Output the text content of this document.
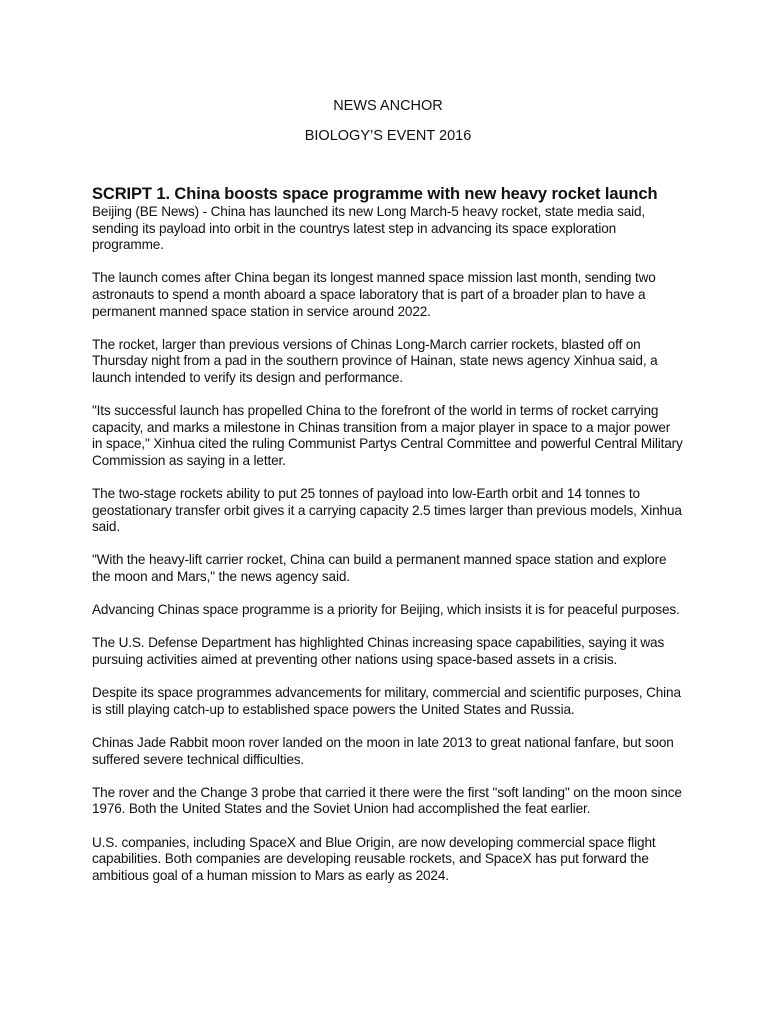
NEWS ANCHOR

BIOLOGY’S EVENT 2016

SCRIPT 1. China boosts space programme with new heavy rocket launch

Beijing (BE News) - China has launched its new Long March-5 heavy rocket, state media said, sending its payload into orbit in the countrys latest step in advancing its space exploration programme.

The launch comes after China began its longest manned space mission last month, sending two astronauts to spend a month aboard a space laboratory that is part of a broader plan to have a permanent manned space station in service around 2022.

The rocket, larger than previous versions of Chinas Long-March carrier rockets, blasted off on Thursday night from a pad in the southern province of Hainan, state news agency Xinhua said, a launch intended to verify its design and performance.

"Its successful launch has propelled China to the forefront of the world in terms of rocket carrying capacity, and marks a milestone in Chinas transition from a major player in space to a major power in space," Xinhua cited the ruling Communist Partys Central Committee and powerful Central Military Commission as saying in a letter.

The two-stage rockets ability to put 25 tonnes of payload into low-Earth orbit and 14 tonnes to geostationary transfer orbit gives it a carrying capacity 2.5 times larger than previous models, Xinhua said.

"With the heavy-lift carrier rocket, China can build a permanent manned space station and explore the moon and Mars," the news agency said.

Advancing Chinas space programme is a priority for Beijing, which insists it is for peaceful purposes.

The U.S. Defense Department has highlighted Chinas increasing space capabilities, saying it was pursuing activities aimed at preventing other nations using space-based assets in a crisis.

Despite its space programmes advancements for military, commercial and scientific purposes, China is still playing catch-up to established space powers the United States and Russia.

Chinas Jade Rabbit moon rover landed on the moon in late 2013 to great national fanfare, but soon suffered severe technical difficulties.

The rover and the Change 3 probe that carried it there were the first "soft landing" on the moon since 1976. Both the United States and the Soviet Union had accomplished the feat earlier.

U.S. companies, including SpaceX and Blue Origin, are now developing commercial space flight capabilities. Both companies are developing reusable rockets, and SpaceX has put forward the ambitious goal of a human mission to Mars as early as 2024.
